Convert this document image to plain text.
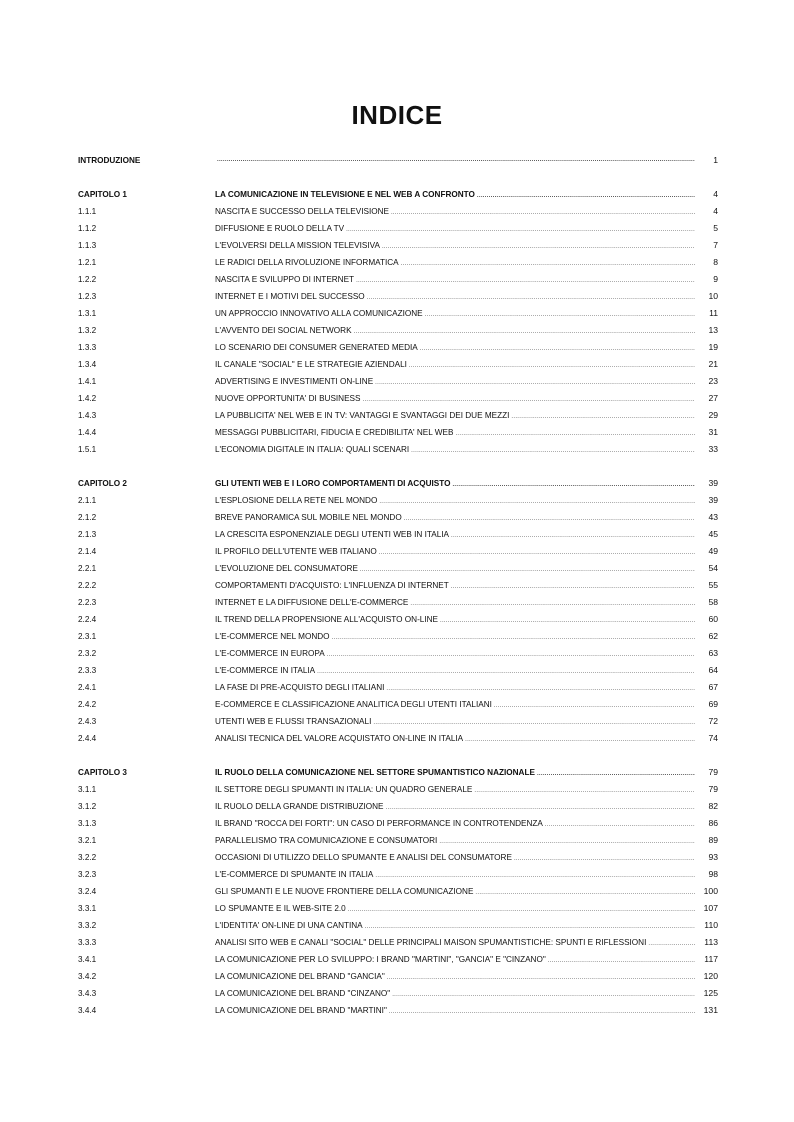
INDICE
INTRODUZIONE .....	1
CAPITOLO 1	LA COMUNICAZIONE IN TELEVISIONE E NEL WEB A CONFRONTO .....	4
1.1.1	NASCITA E SUCCESSO DELLA TELEVISIONE .....	4
1.1.2	DIFFUSIONE E RUOLO DELLA TV .....	5
1.1.3	L'EVOLVERSI DELLA MISSION TELEVISIVA .....	7
1.2.1	LE RADICI DELLA RIVOLUZIONE INFORMATICA .....	8
1.2.2	NASCITA E SVILUPPO DI INTERNET .....	9
1.2.3	INTERNET E I MOTIVI DEL SUCCESSO .....	10
1.3.1	UN APPROCCIO INNOVATIVO ALLA COMUNICAZIONE .....	11
1.3.2	L'AVVENTO DEI SOCIAL NETWORK .....	13
1.3.3	LO SCENARIO DEI CONSUMER GENERATED MEDIA .....	19
1.3.4	IL CANALE "SOCIAL" E LE STRATEGIE AZIENDALI .....	21
1.4.1	ADVERTISING E INVESTIMENTI ON-LINE .....	23
1.4.2	NUOVE OPPORTUNITA' DI BUSINESS .....	27
1.4.3	LA PUBBLICITA' NEL WEB E IN TV: VANTAGGI E SVANTAGGI DEI DUE MEZZI .....	29
1.4.4	MESSAGGI PUBBLICITARI, FIDUCIA E CREDIBILITA' NEL WEB .....	31
1.5.1	L'ECONOMIA DIGITALE IN ITALIA: QUALI SCENARI .....	33
CAPITOLO 2	GLI UTENTI WEB E I LORO COMPORTAMENTI DI ACQUISTO .....	39
2.1.1	L'ESPLOSIONE DELLA RETE NEL MONDO .....	39
2.1.2	BREVE PANORAMICA SUL MOBILE NEL MONDO .....	43
2.1.3	LA CRESCITA ESPONENZIALE DEGLI UTENTI WEB IN ITALIA .....	45
2.1.4	IL PROFILO DELL'UTENTE WEB ITALIANO .....	49
2.2.1	L'EVOLUZIONE DEL CONSUMATORE .....	54
2.2.2	COMPORTAMENTI D'ACQUISTO: L'INFLUENZA DI INTERNET .....	55
2.2.3	INTERNET E LA DIFFUSIONE DELL'E-COMMERCE .....	58
2.2.4	IL TREND DELLA PROPENSIONE ALL'ACQUISTO ON-LINE .....	60
2.3.1	L'E-COMMERCE NEL MONDO .....	62
2.3.2	L'E-COMMERCE IN EUROPA .....	63
2.3.3	L'E-COMMERCE IN ITALIA .....	64
2.4.1	LA FASE DI PRE-ACQUISTO DEGLI ITALIANI .....	67
2.4.2	E-COMMERCE E CLASSIFICAZIONE ANALITICA DEGLI UTENTI ITALIANI .....	69
2.4.3	UTENTI WEB E FLUSSI TRANSAZIONALI .....	72
2.4.4	ANALISI TECNICA DEL VALORE ACQUISTATO ON-LINE IN ITALIA .....	74
CAPITOLO 3	IL RUOLO DELLA COMUNICAZIONE NEL SETTORE SPUMANTISTICO NAZIONALE .....	79
3.1.1	IL SETTORE DEGLI SPUMANTI IN ITALIA: UN QUADRO GENERALE .....	79
3.1.2	IL RUOLO DELLA GRANDE DISTRIBUZIONE .....	82
3.1.3	IL BRAND "ROCCA DEI FORTI": UN CASO DI PERFORMANCE IN CONTROTENDENZA .....	86
3.2.1	PARALLELISMO TRA COMUNICAZIONE E CONSUMATORI .....	89
3.2.2	OCCASIONI DI UTILIZZO DELLO SPUMANTE E ANALISI DEL CONSUMATORE .....	93
3.2.3	L'E-COMMERCE DI SPUMANTE IN ITALIA .....	98
3.2.4	GLI SPUMANTI E LE NUOVE FRONTIERE DELLA COMUNICAZIONE .....	100
3.3.1	LO SPUMANTE E IL WEB-SITE 2.0 .....	107
3.3.2	L'IDENTITA' ON-LINE DI UNA CANTINA .....	110
3.3.3	ANALISI SITO WEB E CANALI "SOCIAL" DELLE PRINCIPALI MAISON SPUMANTISTICHE: SPUNTI E RIFLESSIONI .....	113
3.4.1	LA COMUNICAZIONE PER LO SVILUPPO: I BRAND "MARTINI", "GANCIA" E "CINZANO" .....	117
3.4.2	LA COMUNICAZIONE DEL BRAND "GANCIA" .....	120
3.4.3	LA COMUNICAZIONE DEL BRAND "CINZANO" .....	125
3.4.4	LA COMUNICAZIONE DEL BRAND "MARTINI" .....	131
